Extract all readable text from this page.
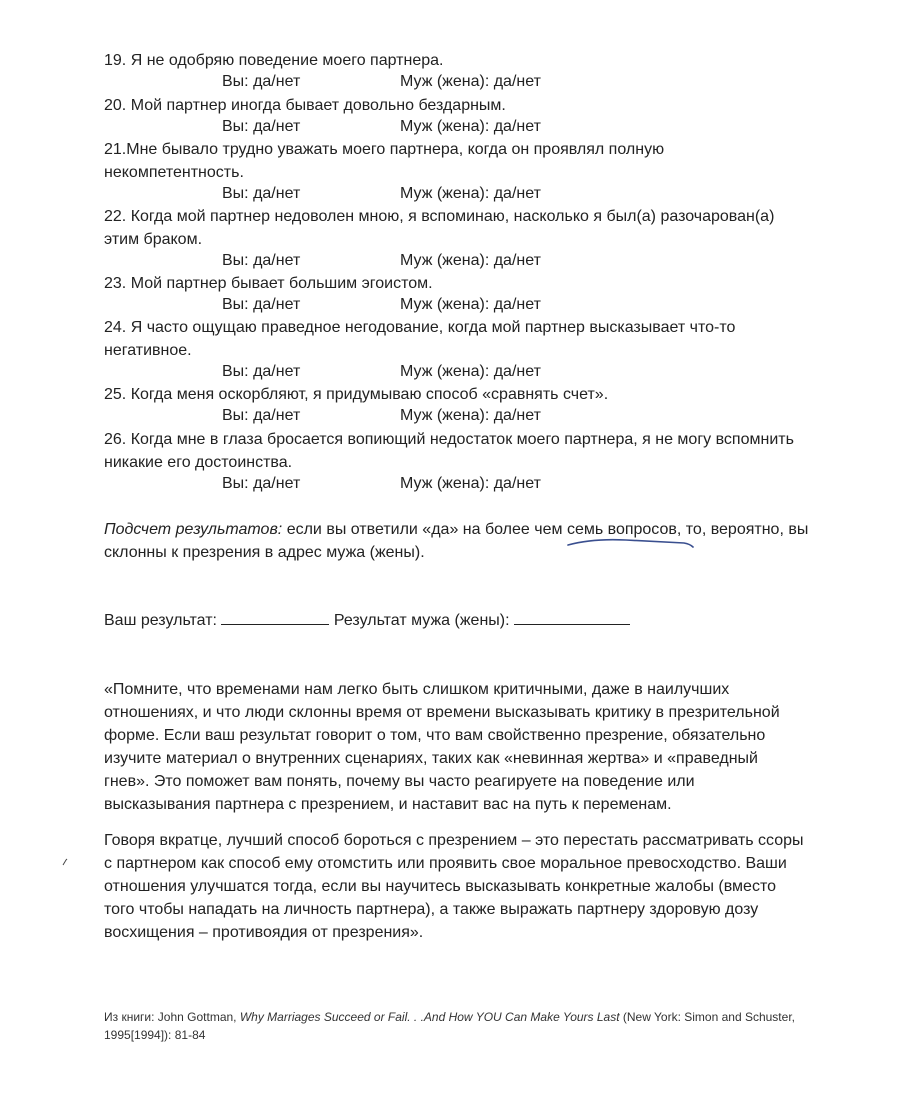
19. Я не одобряю поведение моего партнера.
Вы: да/нет	Муж (жена): да/нет
20. Мой партнер иногда бывает довольно бездарным.
Вы: да/нет	Муж (жена): да/нет
21.Мне бывало трудно уважать моего партнера, когда он проявлял полную некомпетентность.
Вы: да/нет	Муж (жена): да/нет
22. Когда мой партнер недоволен мною, я вспоминаю, насколько я был(а) разочарован(а) этим браком.
Вы: да/нет	Муж (жена): да/нет
23. Мой партнер бывает большим эгоистом.
Вы: да/нет	Муж (жена): да/нет
24. Я часто ощущаю праведное негодование, когда мой партнер высказывает что-то негативное.
Вы: да/нет	Муж (жена): да/нет
25. Когда меня оскорбляют, я придумываю способ «сравнять счет».
Вы: да/нет	Муж (жена): да/нет
26. Когда мне в глаза бросается вопиющий недостаток моего партнера, я не могу вспомнить никакие его достоинства.
Вы: да/нет	Муж (жена): да/нет
Подсчет результатов: если вы ответили «да» на более чем семь вопросов, то, вероятно, вы склонны к презрения в адрес мужа (жены).
Ваш результат:	Результат мужа (жены):
«Помните, что временами нам легко быть слишком критичными, даже в наилучших отношениях, и что люди склонны время от времени высказывать критику в презрительной форме. Если ваш результат говорит о том, что вам свойственно презрение, обязательно изучите материал о внутренних сценариях, таких как «невинная жертва» и «праведный гнев». Это поможет вам понять, почему вы часто реагируете на поведение или высказывания партнера с презрением, и наставит вас на путь к переменам.
Говоря вкратце, лучший способ бороться с презрением – это перестать рассматривать ссоры с партнером как способ ему отомстить или проявить свое моральное превосходство. Ваши отношения улучшатся тогда, если вы научитесь высказывать конкретные жалобы (вместо того чтобы нападать на личность партнера), а также выражать партнеру здоровую дозу восхищения – противоядия от презрения».
Из книги: John Gottman, Why Marriages Succeed or Fail. . .And How YOU Can Make Yours Last (New York: Simon and Schuster, 1995[1994]): 81-84
